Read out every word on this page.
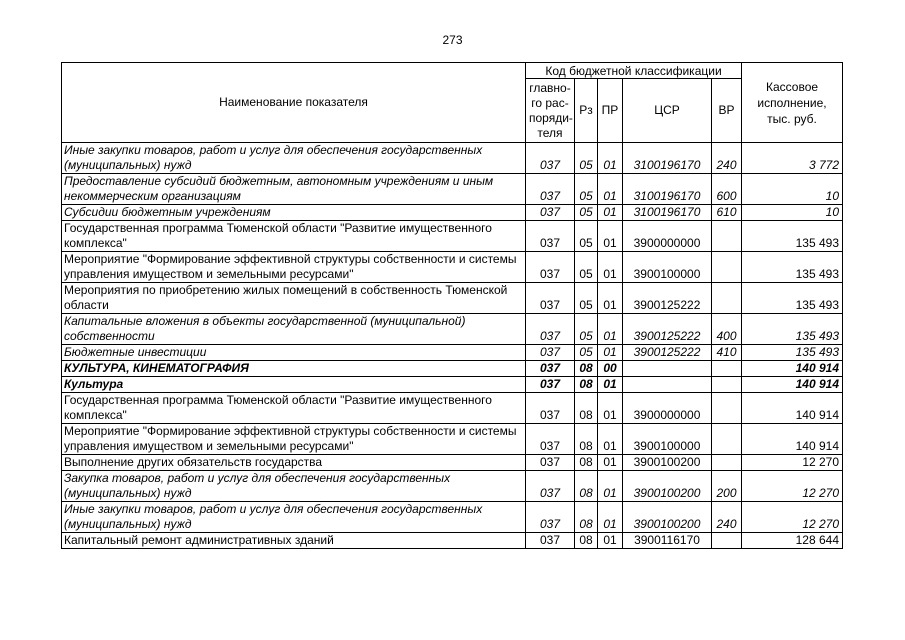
273
Наименование показателя	Код бюджетной классификации					Кассовое исполнение, тыс. руб.
	главно-го рас-поряди-теля	Рз	ПР	ЦСР	ВР	
Иные закупки товаров, работ и услуг для обеспечения государственных (муниципальных) нужд	037	05	01	3100196170	240	3 772
Предоставление субсидий бюджетным, автономным учреждениям и иным некоммерческим организациям	037	05	01	3100196170	600	10
Субсидии бюджетным учреждениям	037	05	01	3100196170	610	10
Государственная программа Тюменской области "Развитие имущественного комплекса"	037	05	01	3900000000		135 493
Мероприятие "Формирование эффективной структуры собственности и системы управления имуществом и земельными ресурсами"	037	05	01	3900100000		135 493
Мероприятия по приобретению жилых помещений в собственность Тюменской области	037	05	01	3900125222		135 493
Капитальные вложения в объекты государственной (муниципальной) собственности	037	05	01	3900125222	400	135 493
Бюджетные инвестиции	037	05	01	3900125222	410	135 493
КУЛЬТУРА, КИНЕМАТОГРАФИЯ	037	08	00			140 914
Культура	037	08	01			140 914
Государственная программа Тюменской области "Развитие имущественного комплекса"	037	08	01	3900000000		140 914
Мероприятие "Формирование эффективной структуры собственности и системы управления имуществом и земельными ресурсами"	037	08	01	3900100000		140 914
Выполнение других обязательств государства	037	08	01	3900100200		12 270
Закупка товаров, работ и услуг для обеспечения государственных (муниципальных) нужд	037	08	01	3900100200	200	12 270
Иные закупки товаров, работ и услуг для обеспечения государственных (муниципальных) нужд	037	08	01	3900100200	240	12 270
Капитальный ремонт административных зданий	037	08	01	3900116170		128 644
